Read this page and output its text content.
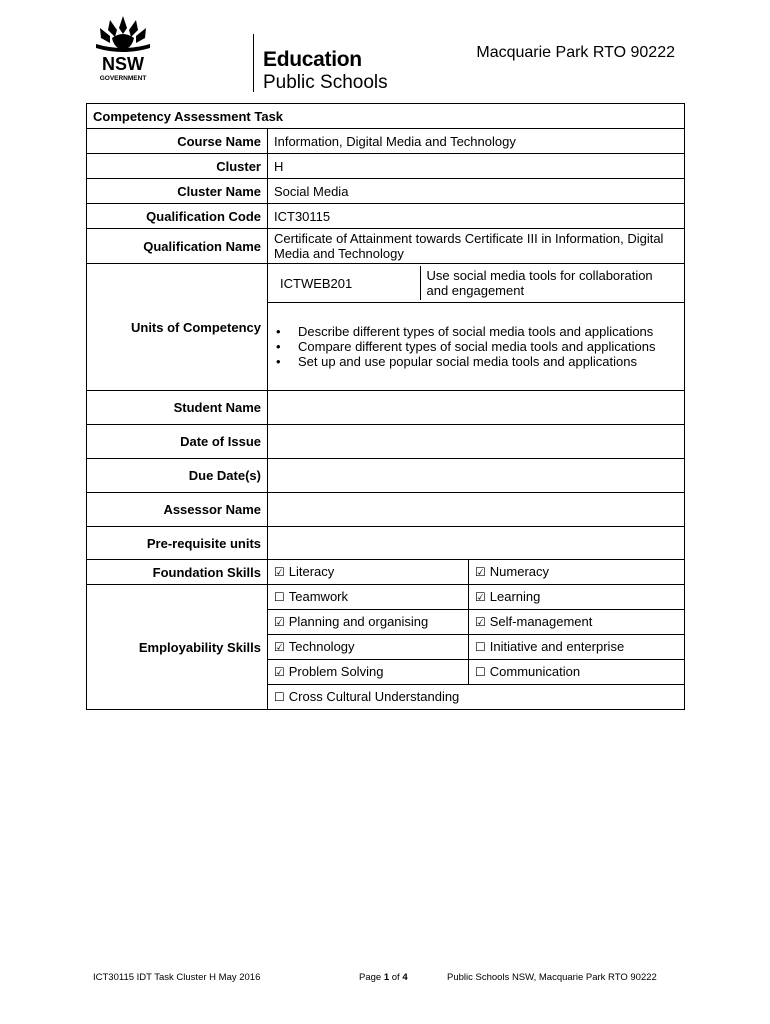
NSW
GOVERNMENT
Education
Public Schools
Macquarie Park RTO 90222
Competency Assessment Task
Course Name	Information, Digital Media and Technology
Cluster	H
Cluster Name	Social Media
Qualification Code	ICT30115
Qualification Name	Certificate of Attainment towards Certificate III in Information, Digital Media and Technology
Units of Competency	
ICTWEB201	Use social media tools for collaboration and engagement

• Describe different types of social media tools and applications
• Compare different types of social media tools and applications
• Set up and use popular social media tools and applications

Student Name	
Date of Issue	
Due Date(s)	
Assessor Name	
Pre-requisite units	
Foundation Skills	☑ Literacy	☑ Numeracy
Employability Skills	☐ Teamwork	☑ Learning
☑ Planning and organising	☑ Self-management
☑ Technology	☐ Initiative and enterprise
☑ Problem Solving	☐ Communication
☐ Cross Cultural Understanding
ICT30115 IDT Task Cluster H May 2016	Page 1 of 4	Public Schools NSW, Macquarie Park RTO 90222
